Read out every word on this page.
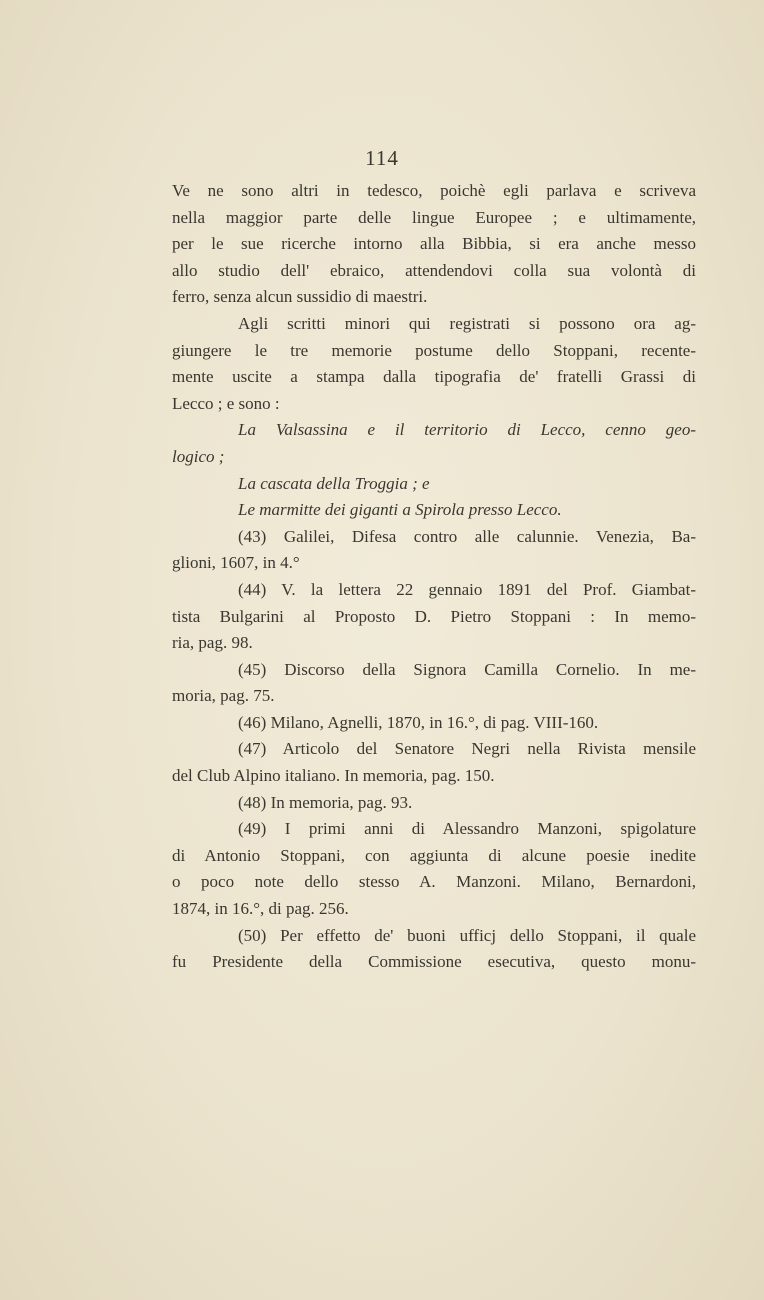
114
Ve ne sono altri in tedesco, poichè egli parlava e scriveva
nella maggior parte delle lingue Europee ; e ultimamente,
per le sue ricerche intorno alla Bibbia, si era anche messo
allo studio dell' ebraico, attendendovi colla sua volontà di
ferro, senza alcun sussidio di maestri.
Agli scritti minori qui registrati si possono ora ag-
giungere le tre memorie postume dello Stoppani, recente-
mente uscite a stampa dalla tipografia de' fratelli Grassi di
Lecco ; e sono :
La Valsassina e il territorio di Lecco, cenno geo-
logico ;
La cascata della Troggia ; e
Le marmitte dei giganti a Spirola presso Lecco.
(43) Galilei, Difesa contro alle calunnie. Venezia, Ba-
glioni, 1607, in 4.°
(44) V. la lettera 22 gennaio 1891 del Prof. Giambat-
tista Bulgarini al Proposto D. Pietro Stoppani : In memo-
ria, pag. 98.
(45) Discorso della Signora Camilla Cornelio. In me-
moria, pag. 75.
(46) Milano, Agnelli, 1870, in 16.°, di pag. VIII-160.
(47) Articolo del Senatore Negri nella Rivista mensile
del Club Alpino italiano. In memoria, pag. 150.
(48) In memoria, pag. 93.
(49) I primi anni di Alessandro Manzoni, spigolature
di Antonio Stoppani, con aggiunta di alcune poesie inedite
o poco note dello stesso A. Manzoni. Milano, Bernardoni,
1874, in 16.°, di pag. 256.
(50) Per effetto de' buoni ufficj dello Stoppani, il quale
fu Presidente della Commissione esecutiva, questo monu-
